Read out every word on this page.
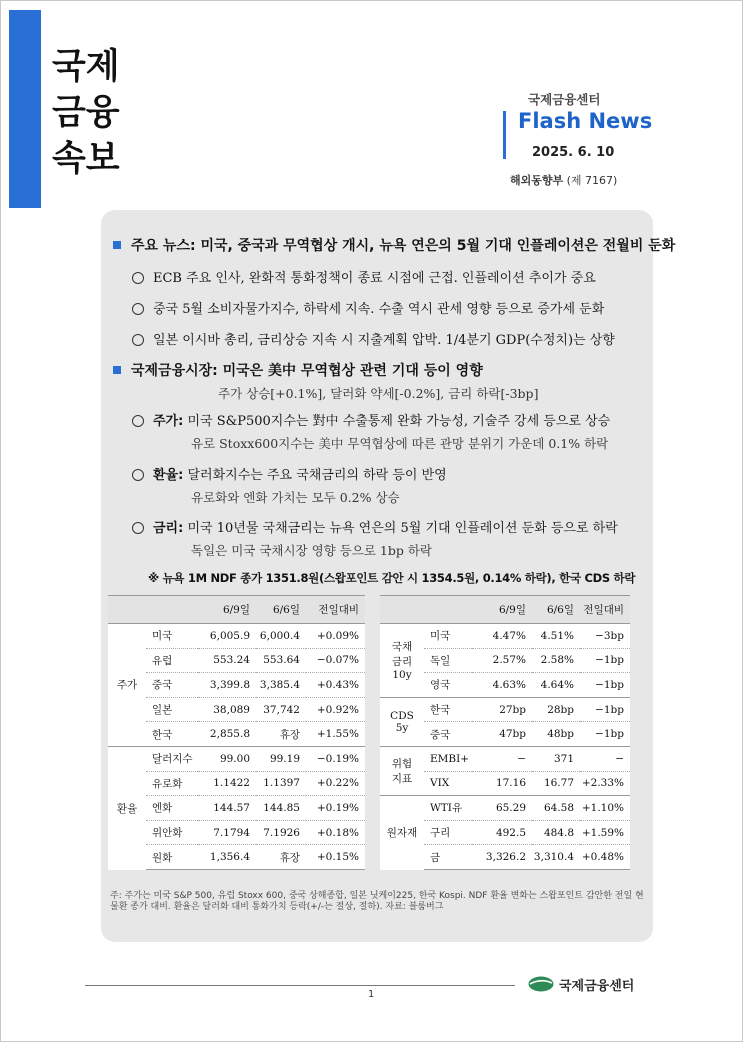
국제
금융
속보
국제금융센터
Flash News
2025. 6. 10
해외동향부 (제 7167)
주요 뉴스: 미국, 중국과 무역협상 개시, 뉴욕 연은의 5월 기대 인플레이션은 전월비 둔화
ECB 주요 인사, 완화적 통화정책이 종료 시점에 근접. 인플레이션 추이가 중요
중국 5월 소비자물가지수, 하락세 지속. 수출 역시 관세 영향 등으로 증가세 둔화
일본 이시바 총리, 금리상승 지속 시 지출계획 압박. 1/4분기 GDP(수정치)는 상향
국제금융시장: 미국은 美中 무역협상 관련 기대 등이 영향
주가 상승[+0.1%], 달러화 약세[-0.2%], 금리 하락[-3bp]
주가: 미국 S&P500지수는 對中 수출통제 완화 가능성, 기술주 강세 등으로 상승
유로 Stoxx600지수는 美中 무역협상에 따른 관망 분위기 가운데 0.1% 하락
환율: 달러화지수는 주요 국채금리의 하락 등이 반영
유로화와 엔화 가치는 모두 0.2% 상승
금리: 미국 10년물 국채금리는 뉴욕 연은의 5월 기대 인플레이션 둔화 등으로 하락
독일은 미국 국채시장 영향 등으로 1bp 하락
※ 뉴욕 1M NDF 종가 1351.8원(스왑포인트 감안 시 1354.5원, 0.14% 하락), 한국 CDS 하락
		6/9일	6/6일	전일대비
주가	미국	6,005.9	6,000.4	+0.09%
	유럽	553.24	553.64	−0.07%
	중국	3,399.8	3,385.4	+0.43%
	일본	38,089	37,742	+0.92%
	한국	2,855.8	휴장	+1.55%
환율	달러지수	99.00	99.19	−0.19%
	유로화	1.1422	1.1397	+0.22%
	엔화	144.57	144.85	+0.19%
	위안화	7.1794	7.1926	+0.18%
	원화	1,356.4	휴장	+0.15%
		6/9일	6/6일	전일대비
국채
금리
10y	미국	4.47%	4.51%	−3bp
	독일	2.57%	2.58%	−1bp
	영국	4.63%	4.64%	−1bp
CDS
5y	한국	27bp	28bp	−1bp
	중국	47bp	48bp	−1bp
위험
지표	EMBI+	−	371	−
	VIX	17.16	16.77	+2.33%
원자재	WTI유	65.29	64.58	+1.10%
	구리	492.5	484.8	+1.59%
	금	3,326.2	3,310.4	+0.48%
주: 주가는 미국 S&P 500, 유럽 Stoxx 600, 중국 상해종합, 일본 닛케이225, 한국 Kospi. NDF 환율 변화는 스왑포인트 감안한 전일 현물환 종가 대비. 환율은 달러화 대비 통화가치 등락(+/-는 절상, 절하). 자료: 블룸버그
국제금융센터
1
